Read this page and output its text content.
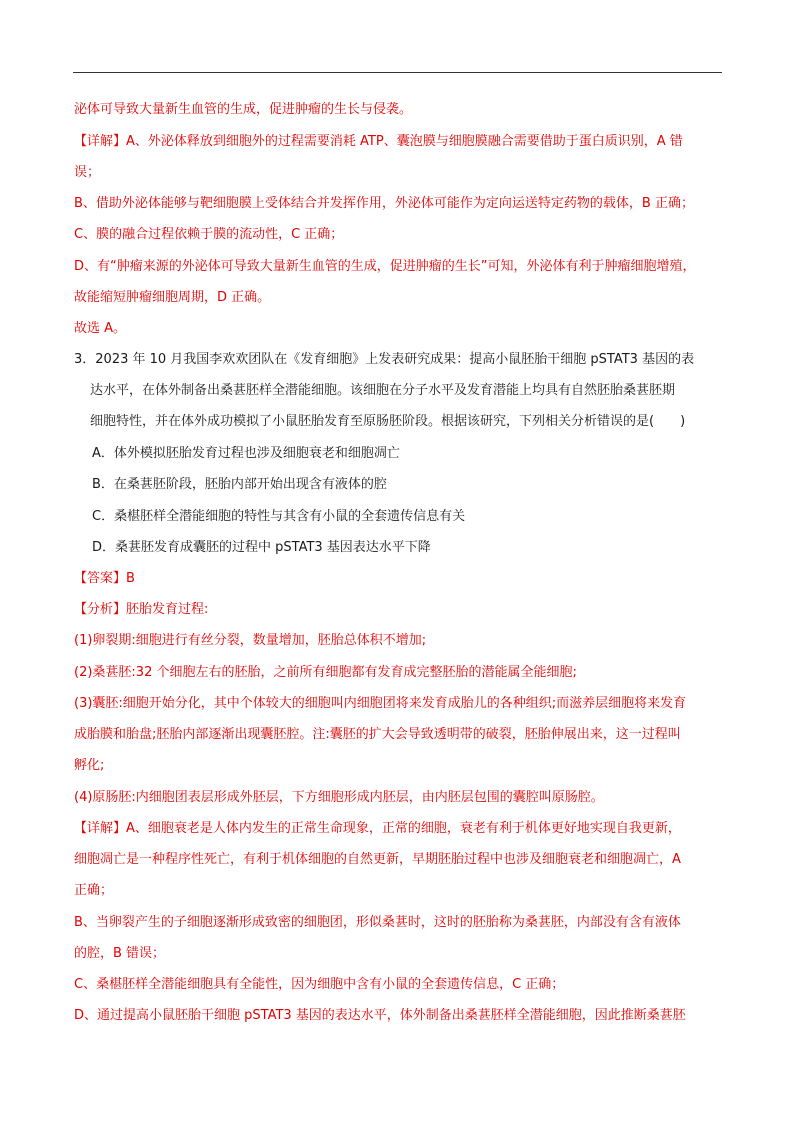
泌体可导致大量新生血管的生成，促进肿瘤的生长与侵袭。
【详解】A、外泌体释放到细胞外的过程需要消耗 ATP、囊泡膜与细胞膜融合需要借助于蛋白质识别，A 错
误；
B、借助外泌体能够与靶细胞膜上受体结合并发挥作用，外泌体可能作为定向运送特定药物的载体，B 正确；
C、膜的融合过程依赖于膜的流动性，C 正确；
D、有“肿瘤来源的外泌体可导致大量新生血管的生成，促进肿瘤的生长”可知，外泌体有利于肿瘤细胞增殖，
故能缩短肿瘤细胞周期，D 正确。
故选 A。
3．2023 年 10 月我国李欢欢团队在《发育细胞》上发表研究成果：提高小鼠胚胎干细胞 pSTAT3 基因的表
达水平，在体外制备出桑葚胚样全潜能细胞。该细胞在分子水平及发育潜能上均具有自然胚胎桑葚胚期
细胞特性，并在体外成功模拟了小鼠胚胎发育至原肠胚阶段。根据该研究，下列相关分析错误的是(　　)
A．体外模拟胚胎发育过程也涉及细胞衰老和细胞凋亡
B．在桑葚胚阶段，胚胎内部开始出现含有液体的腔
C．桑椹胚样全潜能细胞的特性与其含有小鼠的全套遗传信息有关
D．桑葚胚发育成囊胚的过程中 pSTAT3 基因表达水平下降
【答案】B
【分析】胚胎发育过程:
(1)卵裂期:细胞进行有丝分裂，数量增加，胚胎总体积不增加;
(2)桑葚胚:32 个细胞左右的胚胎，之前所有细胞都有发育成完整胚胎的潜能属全能细胞;
(3)囊胚:细胞开始分化，其中个体较大的细胞叫内细胞团将来发育成胎儿的各种组织;而滋养层细胞将来发育
成胎膜和胎盘;胚胎内部逐渐出现囊胚腔。注:囊胚的扩大会导致透明带的破裂，胚胎伸展出来，这一过程叫
孵化;
(4)原肠胚:内细胞团表层形成外胚层，下方细胞形成内胚层，由内胚层包围的囊腔叫原肠腔。
【详解】A、细胞衰老是人体内发生的正常生命现象，正常的细胞，衰老有利于机体更好地实现自我更新，
细胞凋亡是一种程序性死亡，有利于机体细胞的自然更新，早期胚胎过程中也涉及细胞衰老和细胞凋亡，A
正确；
B、当卵裂产生的子细胞逐渐形成致密的细胞团，形似桑葚时，这时的胚胎称为桑葚胚，内部没有含有液体
的腔，B 错误；
C、桑椹胚样全潜能细胞具有全能性，因为细胞中含有小鼠的全套遗传信息，C 正确；
D、通过提高小鼠胚胎干细胞 pSTAT3 基因的表达水平，体外制备出桑葚胚样全潜能细胞，因此推断桑葚胚
